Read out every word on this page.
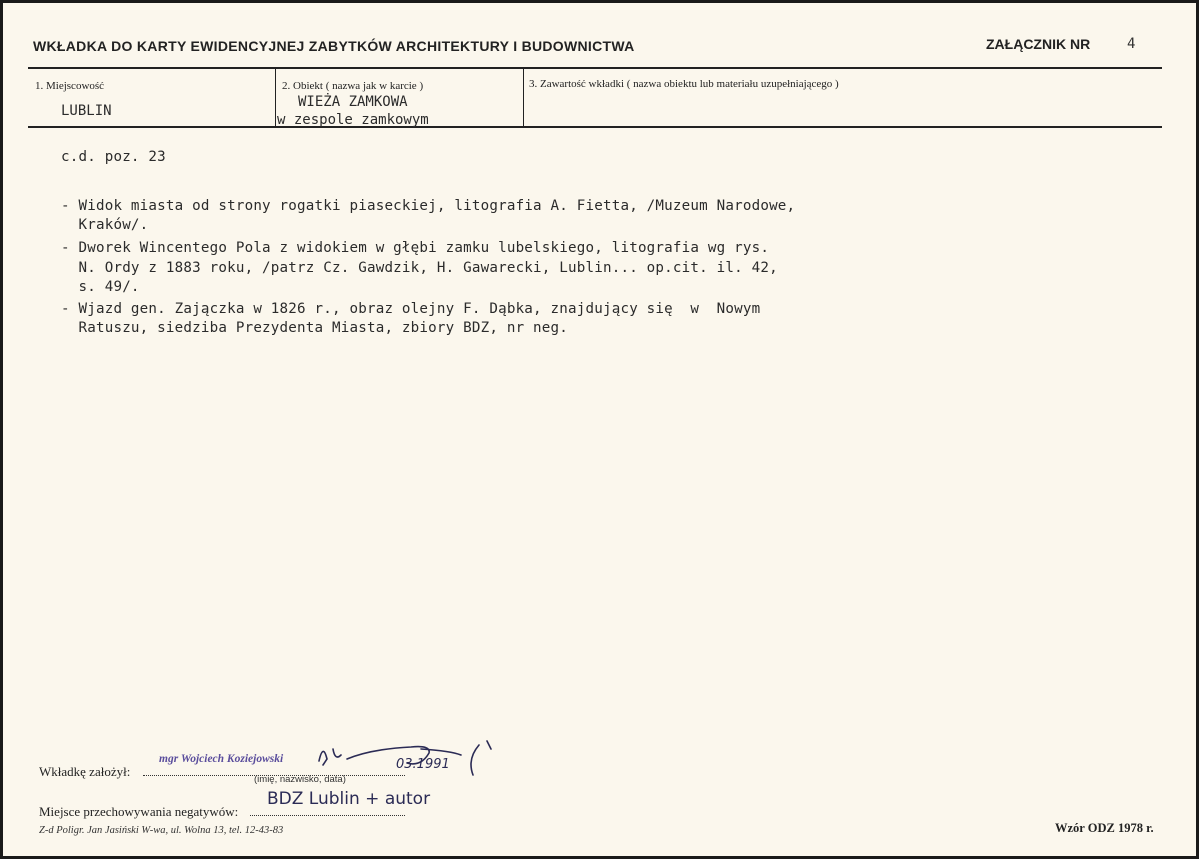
WKŁADKA DO KARTY EWIDENCYJNEJ ZABYTKÓW ARCHITEKTURY I BUDOWNICTWA	ZAŁĄCZNIK NR	4
1. Miejscowość
LUBLIN
2. Obiekt ( nazwa jak w karcie )
WIEŻA ZAMKOWA
w zespole zamkowym
3. Zawartość wkładki ( nazwa obiektu lub materiału uzupełniającego )
c.d. poz. 23
- Widok miasta od strony rogatki piaseckiej, litografia A. Fietta, /Muzeum Narodowe,
Kraków/.
- Dworek Wincentego Pola z widokiem w głębi zamku lubelskiego, litografia wg rys.
N. Ordy z 1883 roku, /patrz Cz. Gawdzik, H. Gawarecki, Lublin... op.cit. il. 42,
s. 49/.
- Wjazd gen. Zajączka w 1826 r., obraz olejny F. Dąbka, znajdujący się  w  Nowym
Ratuszu, siedziba Prezydenta Miasta, zbiory BDZ, nr neg.
Wkładkę założył:
mgr Wojciech Koziejowski	03.1991
(imię, nazwisko, data)
Miejsce przechowywania negatywów:
BDZ Lublin + autor
Z-d Poligr. Jan Jasiński W-wa, ul. Wolna 13, tel. 12-43-83	Wzór ODZ 1978 r.
